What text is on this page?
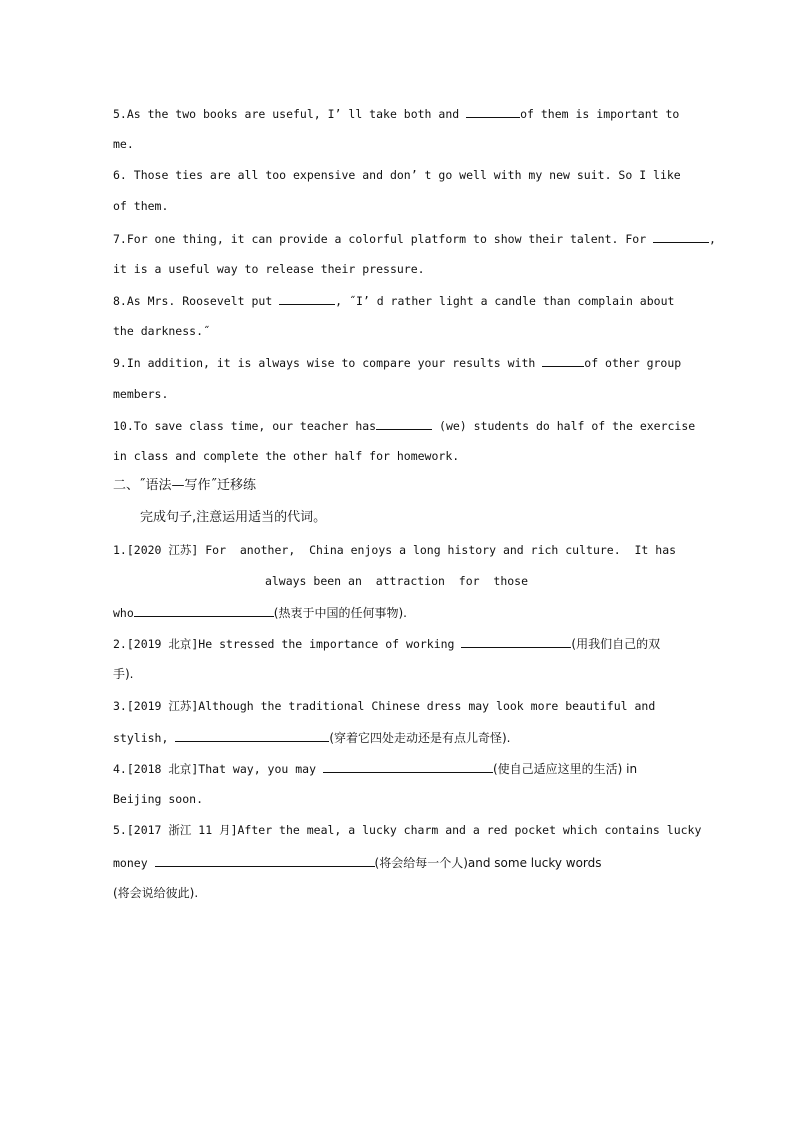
5.As the two books are useful, I’ ll take both and	of them is important to
me.
6. Those ties are all too expensive and don’ t go well with my new suit. So I like
of them.
7.For one thing, it can provide a colorful platform to show their talent. For	,
it is a useful way to release their pressure.
8.As Mrs. Roosevelt put	, ˝I’ d rather light a candle than complain about
the darkness.˝
9.In addition, it is always wise to compare your results with	of other group
members.
10.To save class time, our teacher has	(we) students do half of the exercise
in class and complete the other half for homework.
二、˝语法—写作˝迁移练
完成句子,注意运用适当的代词。
1.[2020 江苏] For  another,  China enjoys a long history and rich culture.  It has
always been an  attraction  for  those
who	(热衷于中国的任何事物).
2.[2019 北京]He stressed the importance of working	(用我们自己的双
手).
3.[2019 江苏]Although the traditional Chinese dress may look more beautiful and
stylish,	(穿着它四处走动还是有点儿奇怪).
4.[2018 北京]That way, you may	(使自己适应这里的生活) in
Beijing soon.
5.[2017 浙江 11 月]After the meal, a lucky charm and a red pocket which contains lucky
money	(将会给每一个人)and some lucky words
(将会说给彼此).
